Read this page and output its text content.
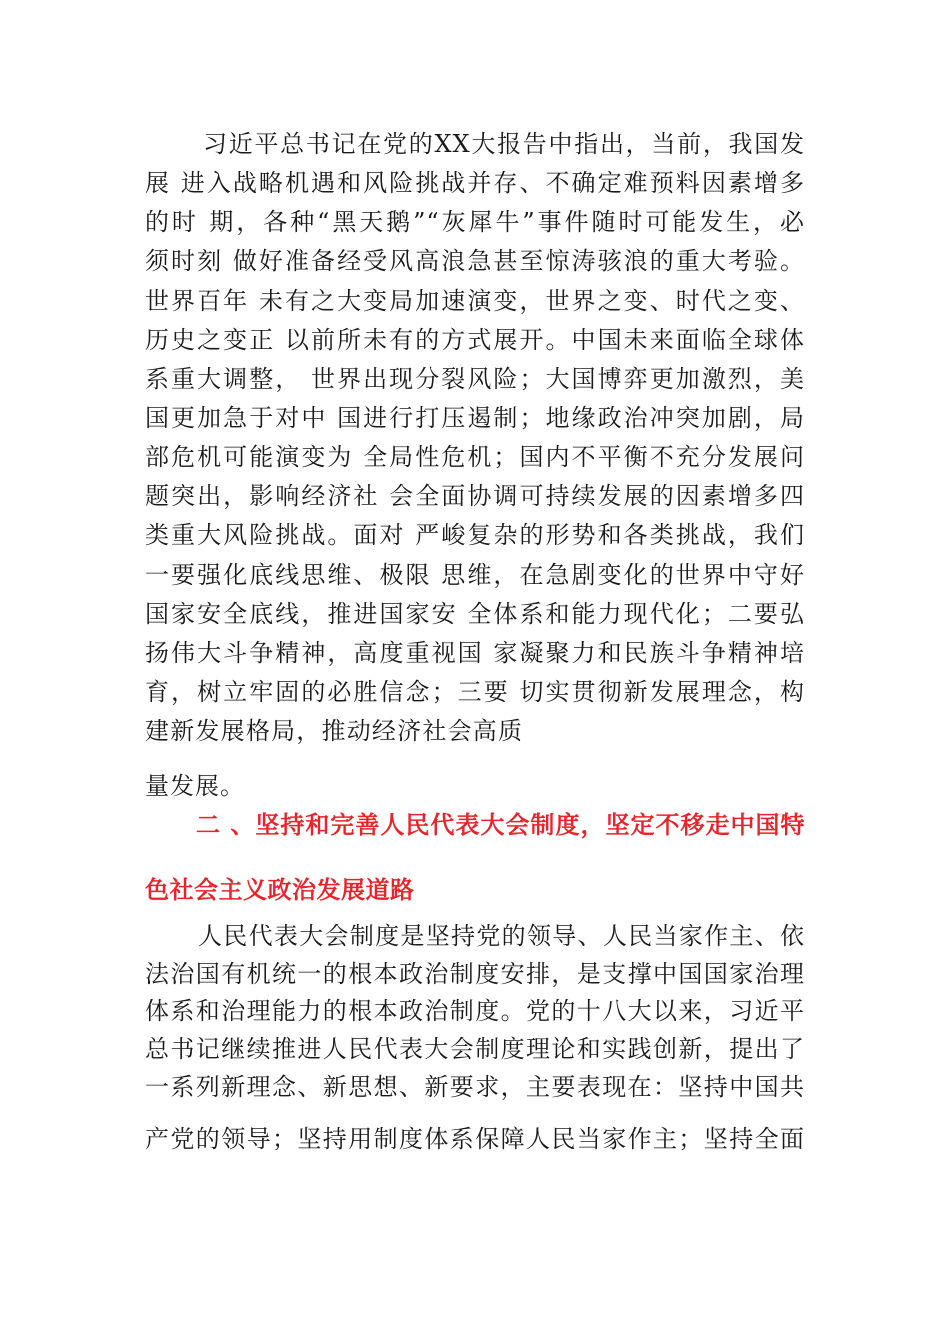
习近平总书记在党的XX大报告中指出，当前，我国发
展 进入战略机遇和风险挑战并存、不确定难预料因素增多
的时 期，各种“黑天鹅”“灰犀牛”事件随时可能发生，必
须时刻 做好准备经受风高浪急甚至惊涛骇浪的重大考验。
世界百年 未有之大变局加速演变，世界之变、时代之变、
历史之变正 以前所未有的方式展开。中国未来面临全球体
系重大调整， 世界出现分裂风险；大国博弈更加激烈，美
国更加急于对中 国进行打压遏制；地缘政治冲突加剧，局
部危机可能演变为 全局性危机；国内不平衡不充分发展问
题突出，影响经济社 会全面协调可持续发展的因素增多四
类重大风险挑战。面对 严峻复杂的形势和各类挑战，我们
一要强化底线思维、极限 思维，在急剧变化的世界中守好
国家安全底线，推进国家安 全体系和能力现代化；二要弘
扬伟大斗争精神，高度重视国 家凝聚力和民族斗争精神培
育，树立牢固的必胜信念；三要 切实贯彻新发展理念，构
建新发展格局，推动经济社会高质
量发展。
二 、坚持和完善人民代表大会制度，坚定不移走中国特
色社会主义政治发展道路
人民代表大会制度是坚持党的领导、人民当家作主、依
法治国有机统一的根本政治制度安排，是支撑中国国家治理
体系和治理能力的根本政治制度。党的十八大以来，习近平
总书记继续推进人民代表大会制度理论和实践创新，提出了
一系列新理念、新思想、新要求，主要表现在：坚持中国共
产党的领导；坚持用制度体系保障人民当家作主；坚持全面
